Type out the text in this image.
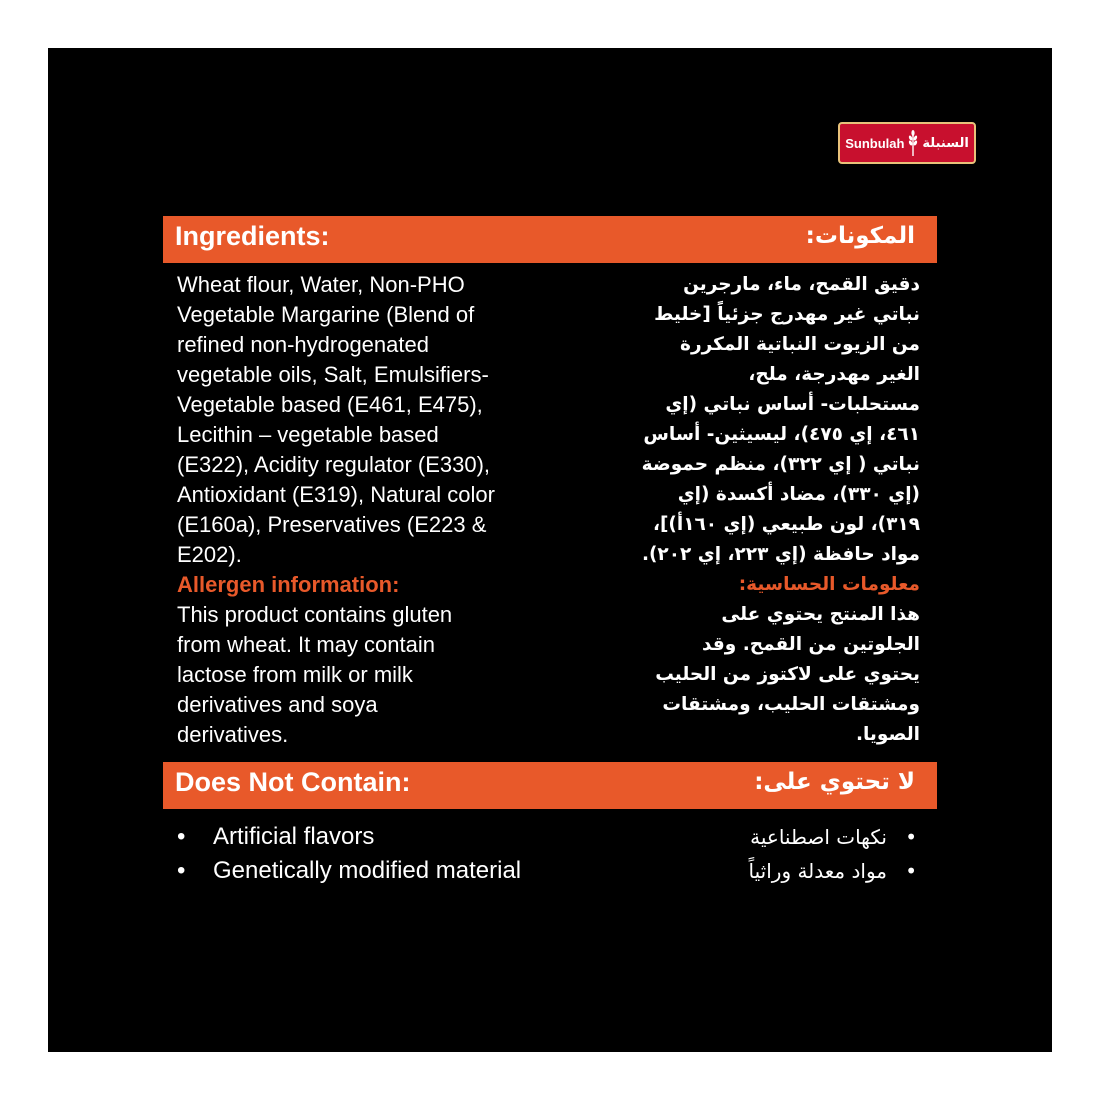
Sunbulah السنبلة
Ingredients:	المكونات:
Wheat flour, Water, Non-PHO
Vegetable Margarine (Blend of
refined non-hydrogenated
vegetable oils, Salt, Emulsifiers-
Vegetable based (E461, E475),
Lecithin – vegetable based
(E322), Acidity regulator (E330),
Antioxidant (E319), Natural color
(E160a), Preservatives (E223 &
E202).
Allergen information:
This product contains gluten
from wheat. It may contain
lactose from milk or milk
derivatives and soya
derivatives.
دقيق القمح، ماء، مارجرين
نباتي غير مهدرج جزئياً [خليط
من الزيوت النباتية المكررة
الغير مهدرجة، ملح،
مستحلبات- أساس نباتي (إي
٤٦١، إي ٤٧٥)، ليسيثين- أساس
نباتي ( إي ٣٢٢)، منظم حموضة
(إي ٣٣٠)، مضاد أكسدة (إي
٣١٩)، لون طبيعي (إي ١٦٠أ)]،
مواد حافظة (إي ٢٢٣، إي ٢٠٢).
معلومات الحساسية:
هذا المنتج يحتوي على
الجلوتين من القمح. وقد
يحتوي على لاكتوز من الحليب
ومشتقات الحليب، ومشتقات
الصويا.
Does Not Contain:	لا تحتوي على:
• Artificial flavors
• Genetically modified material
• نكهات اصطناعية
• مواد معدلة وراثياً
